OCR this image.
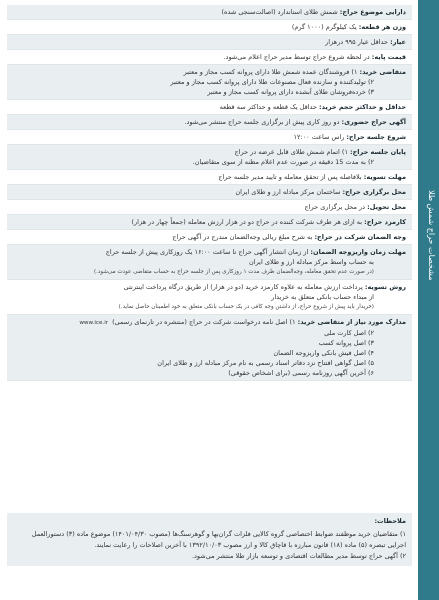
دارایی موضوع حراج: شمش طلای استاندارد (اصالت‌سنجی شده)
وزن هر قطعه: یک کیلوگرم (۱۰۰۰ گرم)
عیار: حداقل عیار ۹۹۵ درهزار
قیمت پایه: در لحظه شروع حراج توسط مدیر حراج اعلام می‌شود.
متقاضی خرید: ۱) فروشندگان عمده شمش طلا دارای پروانه کسب مجاز و معتبر
۲) تولیدکننده و سازنده فعال مصنوعات طلا دارای پروانه کسب مجاز و معتبر
۳) خرده‌فروشان طلای آبشده دارای پروانه کسب مجاز و معتبر
حداقل و حداکثر حجم خرید: حداقل یک قطعه و حداکثر سه قطعه
آگهی حراج حضوری: دو روز کاری پیش از برگزاری جلسه حراج منتشر می‌شود.
شروع جلسه حراج: راس ساعت ۱۲:۰۰
پایان جلسه حراج: ۱) اتمام شمش طلای قابل عرضه در حراج
۲) به مدت 15 دقیقه در صورت عدم اعلام مظنه از سوی متقاضیان.
مهلت تسویه: بلافاصله پس از تحقق معامله و تایید مدیر جلسه حراج
محل برگزاری حراج: ساختمان مرکز مبادله ارز و طلای ایران
محل تحویل: در محل برگزاری حراج
کارمزد حراج: به ازای هر طرف شرکت کننده در حراج دو در هزار ارزش معامله (جمعاً چهار در هزار)
وجه الضمان شرکت در حراج: به شرح مبلغ ریالی وجه‌الضمان مندرج در آگهی حراج
مهلت زمان واریزوجه الضمان: از زمان انتشار آگهی حراج تا ساعت ۱۶:۰۰ یک روزکاری پیش از جلسه حراج
به حساب واسط مرکز مبادله ارز و طلای ایران
(در صورت عدم تحقق معامله، وجه‌الضمان ظرف مدت ۱ روزکاری پس از جلسه حراج به حساب متقاضی عودت می‌شود.)
روش تسویه: پرداخت ارزش معامله به علاوه کارمزد خرید (دو در هزار) از طریق درگاه پرداخت اینترنتی
از مبداء حساب بانکی متعلق به خریدار
(خریدار باید پیش از شروع حراج، از داشتن وجه کافی در یک حساب بانکی متعلق به خود اطمینان حاصل نماید.)
مدارک مورد نیاز از متقاضی خرید: ۱) اصل نامه درخواست شرکت در حراج (منتشره در تارنمای رسمی)www.ice.ir
۲) اصل کارت ملی
۳) اصل پروانه کسب
۴) اصل فیش بانکی واریزوجه الضمان
۵) اصل گواهی افتتاح نزد دفاتر اسناد رسمی به نام مرکز مبادله ارز و طلای ایران
۶) آخرین آگهی روزنامه رسمی (برای اشخاص حقوقی)
ملاحظات:
۱) متقاضیان خرید موظفند ضوابط اختصاصی گروه کالایی فلزات گران‌بها و گوهرسنگ‌ها (مصوب ۱۴۰۱/۰۴/۳۰) موضوع ماده (۳) دستورالعمل اجرایی تبصره (۵) ماده (۱۸) قانون مبارزه با قاچاق کالا و ارز مصوب ۱۳۹۲/۱۰/۰۳ با آخرین اصلاحات را رعایت نمایند.
۲) آگهی حراج توسط مدیر مطالعات اقتصادی و توسعه بازار طلا منتشر می‌شود.
مشخصات حراج شمش طلا
